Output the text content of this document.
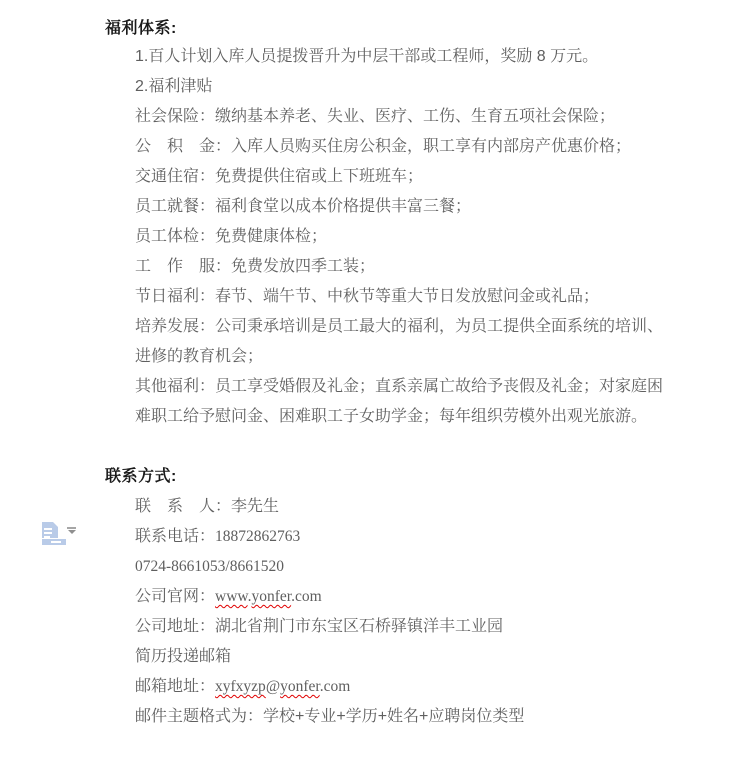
福利体系:
1.百人计划入库人员提拨晋升为中层干部或工程师，奖励 8 万元。
2.福利津贴
社会保险：缴纳基本养老、失业、医疗、工伤、生育五项社会保险；
公　积　金：入库人员购买住房公积金，职工享有内部房产优惠价格；
交通住宿：免费提供住宿或上下班班车；
员工就餐：福利食堂以成本价格提供丰富三餐；
员工体检：免费健康体检；
工　作　服：免费发放四季工装；
节日福利：春节、端午节、中秋节等重大节日发放慰问金或礼品；
培养发展：公司秉承培训是员工最大的福利，为员工提供全面系统的培训、
进修的教育机会；
其他福利：员工享受婚假及礼金；直系亲属亡故给予丧假及礼金；对家庭困
难职工给予慰问金、困难职工子女助学金；每年组织劳模外出观光旅游。
联系方式:
联　系　人：李先生
联系电话：18872862763
0724-8661053/8661520
公司官网：www.yonfer.com
公司地址：湖北省荆门市东宝区石桥驿镇洋丰工业园
简历投递邮箱
邮箱地址：xyfxyzp@yonfer.com
邮件主题格式为：学校+专业+学历+姓名+应聘岗位类型
